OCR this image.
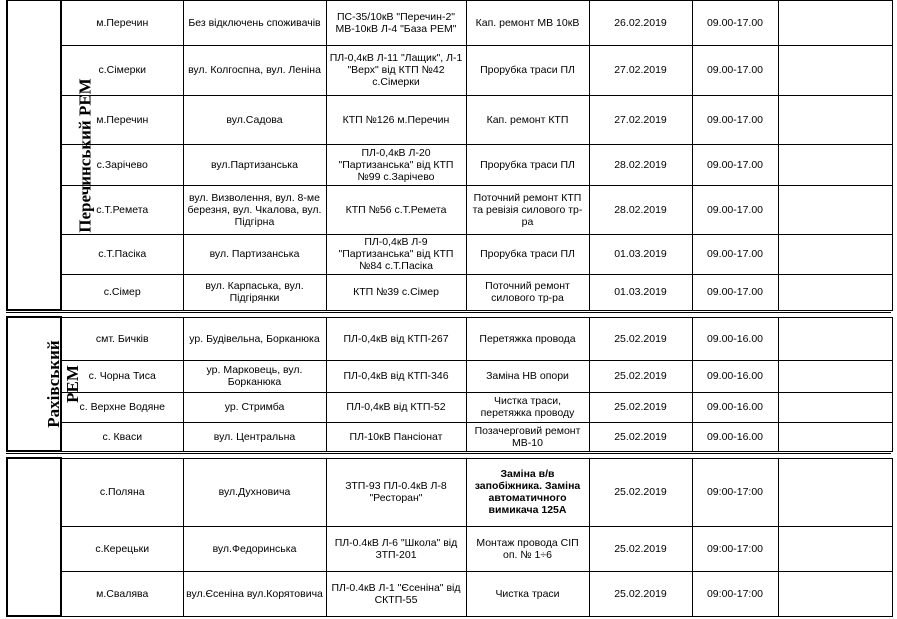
Перечинський РЕМ	м.Перечин	Без відключень споживачів	ПС-35/10кВ "Перечин-2" МВ-10кВ Л-4 "База РЕМ"	Кап. ремонт МВ 10кВ	26.02.2019	09.00-17.00	
	с.Сімерки	вул. Колгоспна, вул. Леніна	ПЛ-0,4кВ Л-11 "Лащик", Л-1 "Верх" від КТП №42 с.Сімерки	Прорубка траси ПЛ	27.02.2019	09.00-17.00	
	м.Перечин	вул.Садова	КТП №126 м.Перечин	Кап. ремонт КТП	27.02.2019	09.00-17.00	
	с.Зарічево	вул.Партизанська	ПЛ-0,4кВ Л-20 "Партизанська" від КТП №99 с.Зарічево	Прорубка траси ПЛ	28.02.2019	09.00-17.00	
	с.Т.Ремета	вул. Визволення, вул. 8-ме березня, вул. Чкалова, вул. Підгірна	КТП №56 с.Т.Ремета	Поточний ремонт КТП та ревізія силового тр-ра	28.02.2019	09.00-17.00	
	с.Т.Пасіка	вул. Партизанська	ПЛ-0,4кВ Л-9 "Партизанська" від КТП №84 с.Т.Пасіка	Прорубка траси ПЛ	01.03.2019	09.00-17.00	
	с.Сімер	вул. Карпаська, вул. Підгірянки	КТП №39 с.Сімер	Поточний ремонт силового тр-ра	01.03.2019	09.00-17.00	
Рахівський РЕМ	смт. Бичків	ур. Будівельна, Борканюка	ПЛ-0,4кВ від КТП-267	Перетяжка провода	25.02.2019	09.00-16.00	
	с. Чорна Тиса	ур. Марковець, вул. Борканюка	ПЛ-0,4кВ від КТП-346	Заміна НВ опори	25.02.2019	09.00-16.00	
	с. Верхне Водяне	ур. Стримба	ПЛ-0,4кВ від КТП-52	Чистка траси, перетяжка проводу	25.02.2019	09.00-16.00	
	с. Кваси	вул. Центральна	ПЛ-10кВ Пансіонат	Позачерговий ремонт МВ-10	25.02.2019	09.00-16.00	
	с.Поляна	вул.Духновича	ЗТП-93 ПЛ-0.4кВ Л-8 "Ресторан"	Заміна в/в запобіжника. Заміна автоматичного вимикача 125А	25.02.2019	09:00-17:00	
	с.Керецьки	вул.Федоринська	ПЛ-0.4кВ Л-6 "Школа" від ЗТП-201	Монтаж провода СІП оп. № 1÷6	25.02.2019	09:00-17:00	
	м.Свалява	вул.Єсеніна вул.Корятовича	ПЛ-0.4кВ Л-1 "Єсеніна" від СКТП-55	Чистка траси	25.02.2019	09:00-17:00	
